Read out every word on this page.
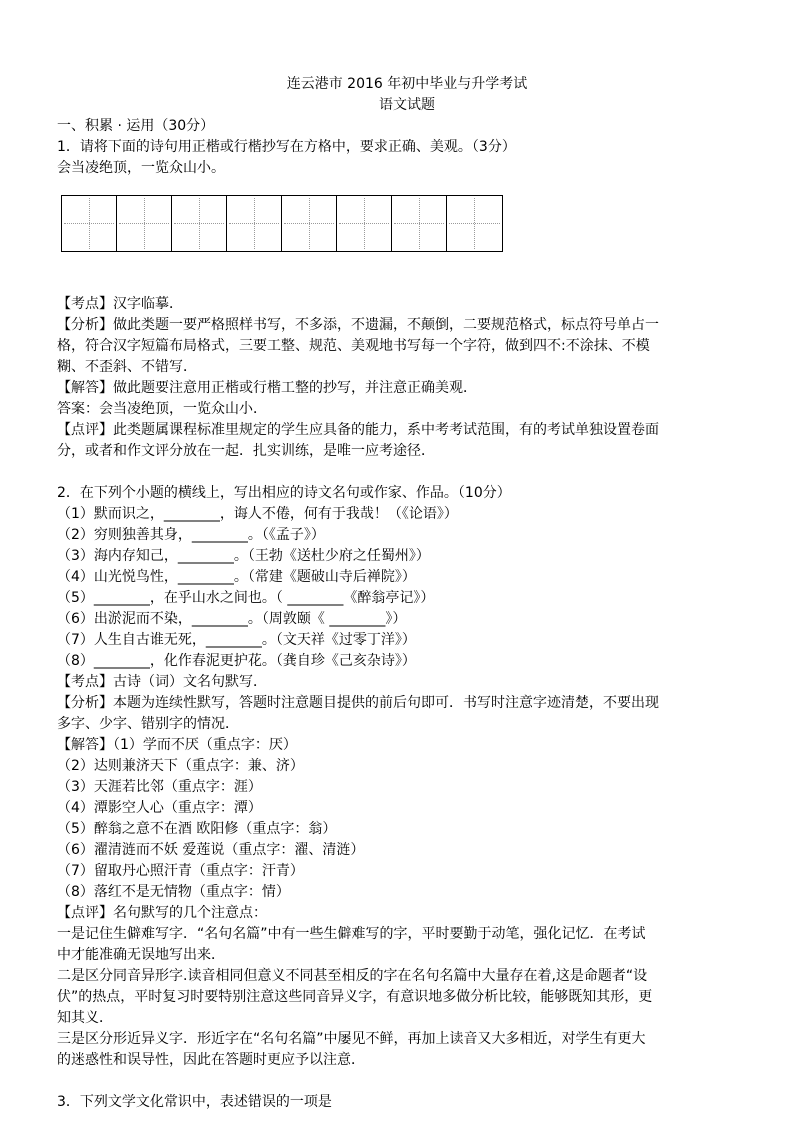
连云港市 2016 年初中毕业与升学考试
语文试题
一、积累 · 运用（30分）
1．请将下面的诗句用正楷或行楷抄写在方格中，要求正确、美观。（3分）
会当凌绝顶，一览众山小。
【考点】汉字临摹．
【分析】做此类题一要严格照样书写，不多添，不遗漏，不颠倒，二要规范格式，标点符号单占一
格，符合汉字短篇布局格式，三要工整、规范、美观地书写每一个字符，做到四不:不涂抹、不模
糊、不歪斜、不错写．
【解答】做此题要注意用正楷或行楷工整的抄写，并注意正确美观．
答案：会当凌绝顶，一览众山小．
【点评】此类题属课程标准里规定的学生应具备的能力，系中考考试范围，有的考试单独设置卷面
分，或者和作文评分放在一起．扎实训练，是唯一应考途径．
2．在下列个小题的横线上，写出相应的诗文名句或作家、作品。（10分）
（1）默而识之，________，诲人不倦，何有于我哉！（《论语》）
（2）穷则独善其身，________。（《孟子》）
（3）海内存知己，________。（王勃《送杜少府之任蜀州》）
（4）山光悦鸟性，________。（常建《题破山寺后禅院》）
（5）________，在乎山水之间也。（ ________《醉翁亭记》）
（6）出淤泥而不染，________。（周敦颐《 ________》）
（7）人生自古谁无死，________。（文天祥《过零丁洋》）
（8）________，化作春泥更护花。（龚自珍《己亥杂诗》）
【考点】古诗（词）文名句默写．
【分析】本题为连续性默写，答题时注意题目提供的前后句即可．书写时注意字迹清楚，不要出现
多字、少字、错别字的情况．
【解答】（1）学而不厌（重点字：厌）
（2）达则兼济天下（重点字：兼、济）
（3）天涯若比邻（重点字：涯）
（4）潭影空人心（重点字：潭）
（5）醉翁之意不在酒 欧阳修（重点字：翁）
（6）濯清涟而不妖 爱莲说（重点字：濯、清涟）
（7）留取丹心照汗青（重点字：汗青）
（8）落红不是无情物（重点字：情）
【点评】名句默写的几个注意点：
一是记住生僻难写字．“名句名篇”中有一些生僻难写的字，平时要勤于动笔，强化记忆．在考试
中才能准确无误地写出来．
二是区分同音异形字.读音相同但意义不同甚至相反的字在名句名篇中大量存在着,这是命题者“设
伏”的热点，平时复习时要特别注意这些同音异义字，有意识地多做分析比较，能够既知其形，更
知其义．
三是区分形近异义字．形近字在“名句名篇”中屡见不鲜，再加上读音又大多相近，对学生有更大
的迷惑性和误导性，因此在答题时更应予以注意．
3．下列文学文化常识中，表述错误的一项是
